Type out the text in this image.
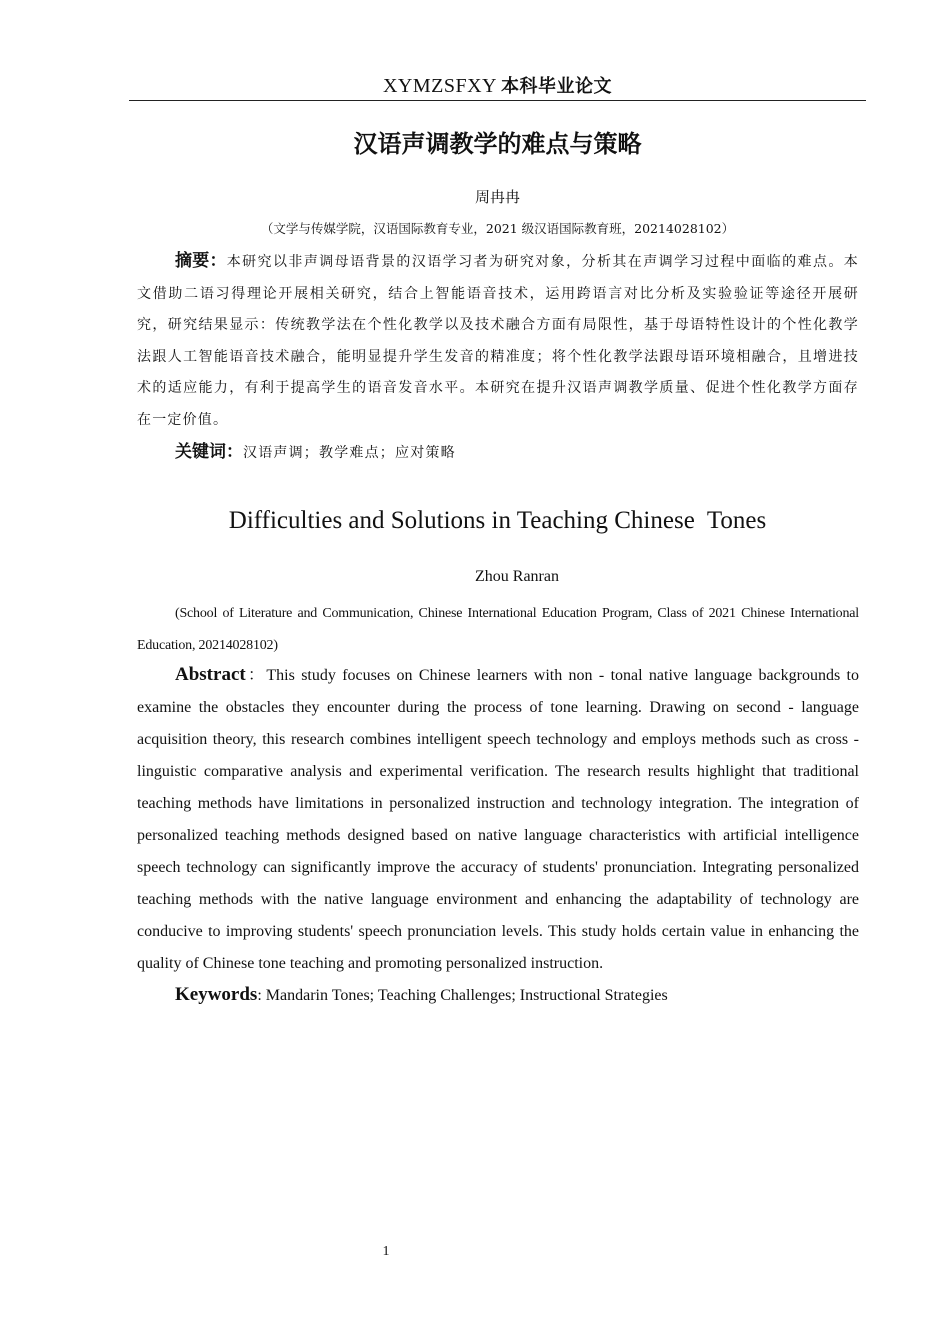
XYMZSFXY 本科毕业论文
汉语声调教学的难点与策略
周冉冉
（文学与传媒学院，汉语国际教育专业，2021 级汉语国际教育班，20214028102）

摘要：本研究以非声调母语背景的汉语学习者为研究对象，分析其在声调学习过程中面临的难点。本文借助二语习得理论开展相关研究，结合上智能语音技术，运用跨语言对比分析及实验验证等途径开展研究，研究结果显示：传统教学法在个性化教学以及技术融合方面有局限性，基于母语特性设计的个性化教学法跟人工智能语音技术融合，能明显提升学生发音的精准度；将个性化教学法跟母语环境相融合，且增进技术的适应能力，有利于提高学生的语音发音水平。本研究在提升汉语声调教学质量、促进个性化教学方面存在一定价值。

关键词：汉语声调；教学难点；应对策略

Difficulties and Solutions in Teaching Chinese  Tones
Zhou Ranran

(School of Literature and Communication, Chinese International Education Program, Class of 2021 Chinese International Education, 20214028102)

Abstract：This study focuses on Chinese learners with non - tonal native language backgrounds to examine the obstacles they encounter during the process of tone learning. Drawing on second - language acquisition theory, this research combines intelligent speech technology and employs methods such as cross - linguistic comparative analysis and experimental verification. The research results highlight that traditional teaching methods have limitations in personalized instruction and technology integration. The integration of personalized teaching methods designed based on native language characteristics with artificial intelligence speech technology can significantly improve the accuracy of students' pronunciation. Integrating personalized teaching methods with the native language environment and enhancing the adaptability of technology are conducive to improving students' speech pronunciation levels. This study holds certain value in enhancing the quality of Chinese tone teaching and promoting personalized instruction.

Keywords: Mandarin Tones; Teaching Challenges; Instructional Strategies

1
